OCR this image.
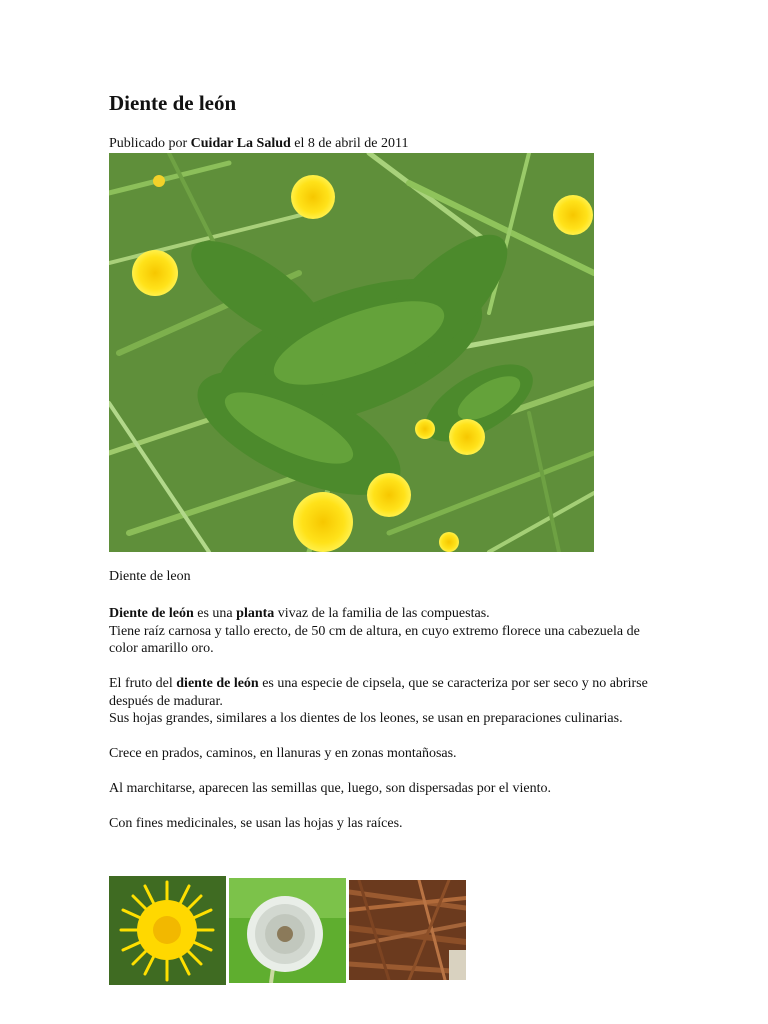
Diente de león
Publicado por Cuidar La Salud el 8 de abril de 2011
Diente de leon

Diente de león es una planta vivaz de la familia de las compuestas.
Tiene raíz carnosa y tallo erecto, de 50 cm de altura, en cuyo extremo florece una cabezuela de color amarillo oro.

El fruto del diente de león es una especie de cipsela, que se caracteriza por ser seco y no abrirse después de madurar.
Sus hojas grandes, similares a los dientes de los leones, se usan en preparaciones culinarias.

Crece en prados, caminos, en llanuras y en zonas montañosas.

Al marchitarse, aparecen las semillas que, luego, son dispersadas por el viento.

Con fines medicinales, se usan las hojas y las raíces.
